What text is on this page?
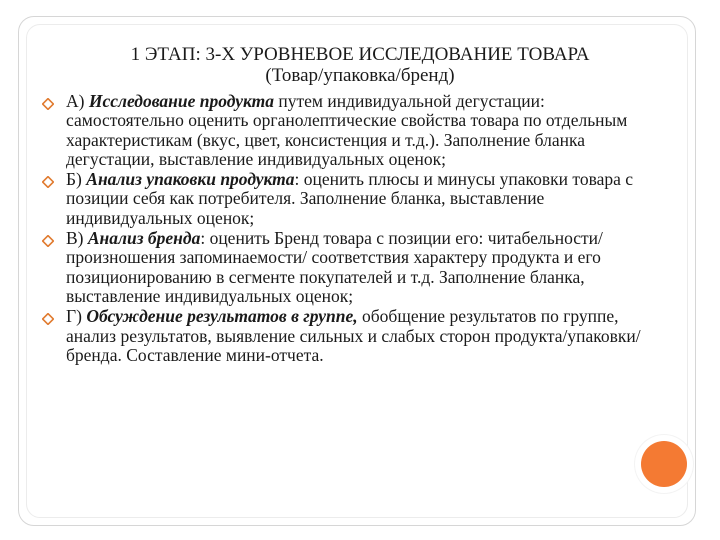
1 ЭТАП: 3-Х УРОВНЕВОЕ ИССЛЕДОВАНИЕ ТОВАРА
(Товар/упаковка/бренд)
А) Исследование продукта путем индивидуальной дегустации: самостоятельно оценить органолептические свойства товара по отдельным характеристикам (вкус, цвет, консистенция и т.д.). Заполнение бланка дегустации, выставление индивидуальных оценок;
Б) Анализ упаковки продукта: оценить плюсы и минусы упаковки товара с позиции себя как потребителя. Заполнение бланка, выставление индивидуальных оценок;
В) Анализ бренда: оценить Бренд товара с позиции его: читабельности/произношения запоминаемости/ соответствия характеру продукта и его позиционированию в сегменте покупателей и т.д. Заполнение бланка, выставление индивидуальных оценок;
Г) Обсуждение результатов в группе, обобщение результатов по группе, анализ результатов, выявление сильных и слабых сторон продукта/упаковки/бренда. Составление мини-отчета.
